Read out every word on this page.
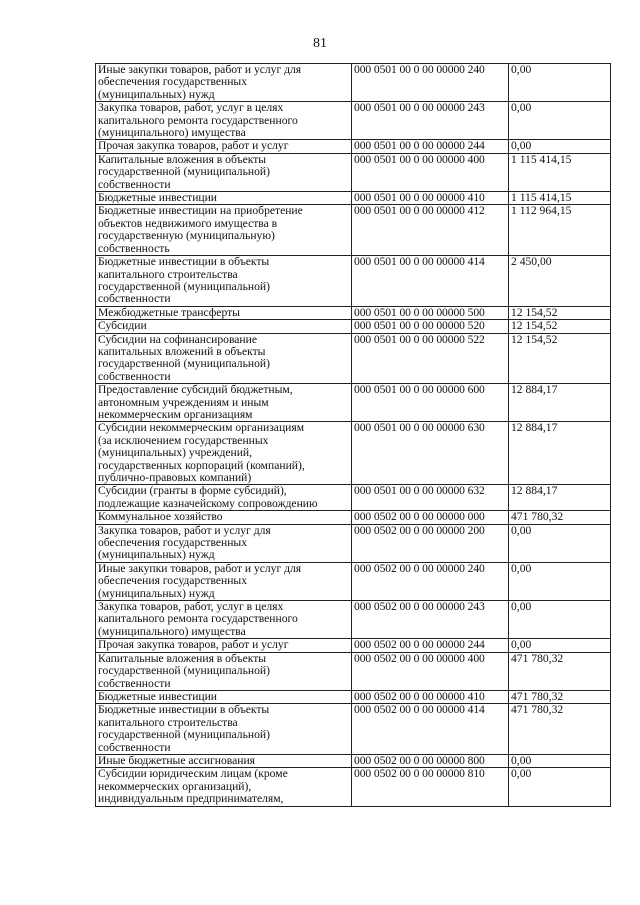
81
Иные закупки товаров, работ и услуг для
обеспечения государственных
(муниципальных) нужд	000 0501 00 0 00 00000 240	0,00
Закупка товаров, работ, услуг в целях
капитального ремонта государственного
(муниципального) имущества	000 0501 00 0 00 00000 243	0,00
Прочая закупка товаров, работ и услуг	000 0501 00 0 00 00000 244	0,00
Капитальные вложения в объекты
государственной (муниципальной)
собственности	000 0501 00 0 00 00000 400	1 115 414,15
Бюджетные инвестиции	000 0501 00 0 00 00000 410	1 115 414,15
Бюджетные инвестиции на приобретение
объектов недвижимого имущества в
государственную (муниципальную)
собственность	000 0501 00 0 00 00000 412	1 112 964,15
Бюджетные инвестиции в объекты
капитального строительства
государственной (муниципальной)
собственности	000 0501 00 0 00 00000 414	2 450,00
Межбюджетные трансферты	000 0501 00 0 00 00000 500	12 154,52
Субсидии	000 0501 00 0 00 00000 520	12 154,52
Субсидии на софинансирование
капитальных вложений в объекты
государственной (муниципальной)
собственности	000 0501 00 0 00 00000 522	12 154,52
Предоставление субсидий бюджетным,
автономным учреждениям и иным
некоммерческим организациям	000 0501 00 0 00 00000 600	12 884,17
Субсидии некоммерческим организациям
(за исключением государственных
(муниципальных) учреждений,
государственных корпораций (компаний),
публично-правовых компаний)	000 0501 00 0 00 00000 630	12 884,17
Субсидии (гранты в форме субсидий),
подлежащие казначейскому сопровождению	000 0501 00 0 00 00000 632	12 884,17
Коммунальное хозяйство	000 0502 00 0 00 00000 000	471 780,32
Закупка товаров, работ и услуг для
обеспечения государственных
(муниципальных) нужд	000 0502 00 0 00 00000 200	0,00
Иные закупки товаров, работ и услуг для
обеспечения государственных
(муниципальных) нужд	000 0502 00 0 00 00000 240	0,00
Закупка товаров, работ, услуг в целях
капитального ремонта государственного
(муниципального) имущества	000 0502 00 0 00 00000 243	0,00
Прочая закупка товаров, работ и услуг	000 0502 00 0 00 00000 244	0,00
Капитальные вложения в объекты
государственной (муниципальной)
собственности	000 0502 00 0 00 00000 400	471 780,32
Бюджетные инвестиции	000 0502 00 0 00 00000 410	471 780,32
Бюджетные инвестиции в объекты
капитального строительства
государственной (муниципальной)
собственности	000 0502 00 0 00 00000 414	471 780,32
Иные бюджетные ассигнования	000 0502 00 0 00 00000 800	0,00
Субсидии юридическим лицам (кроме
некоммерческих организаций),
индивидуальным предпринимателям,	000 0502 00 0 00 00000 810	0,00
